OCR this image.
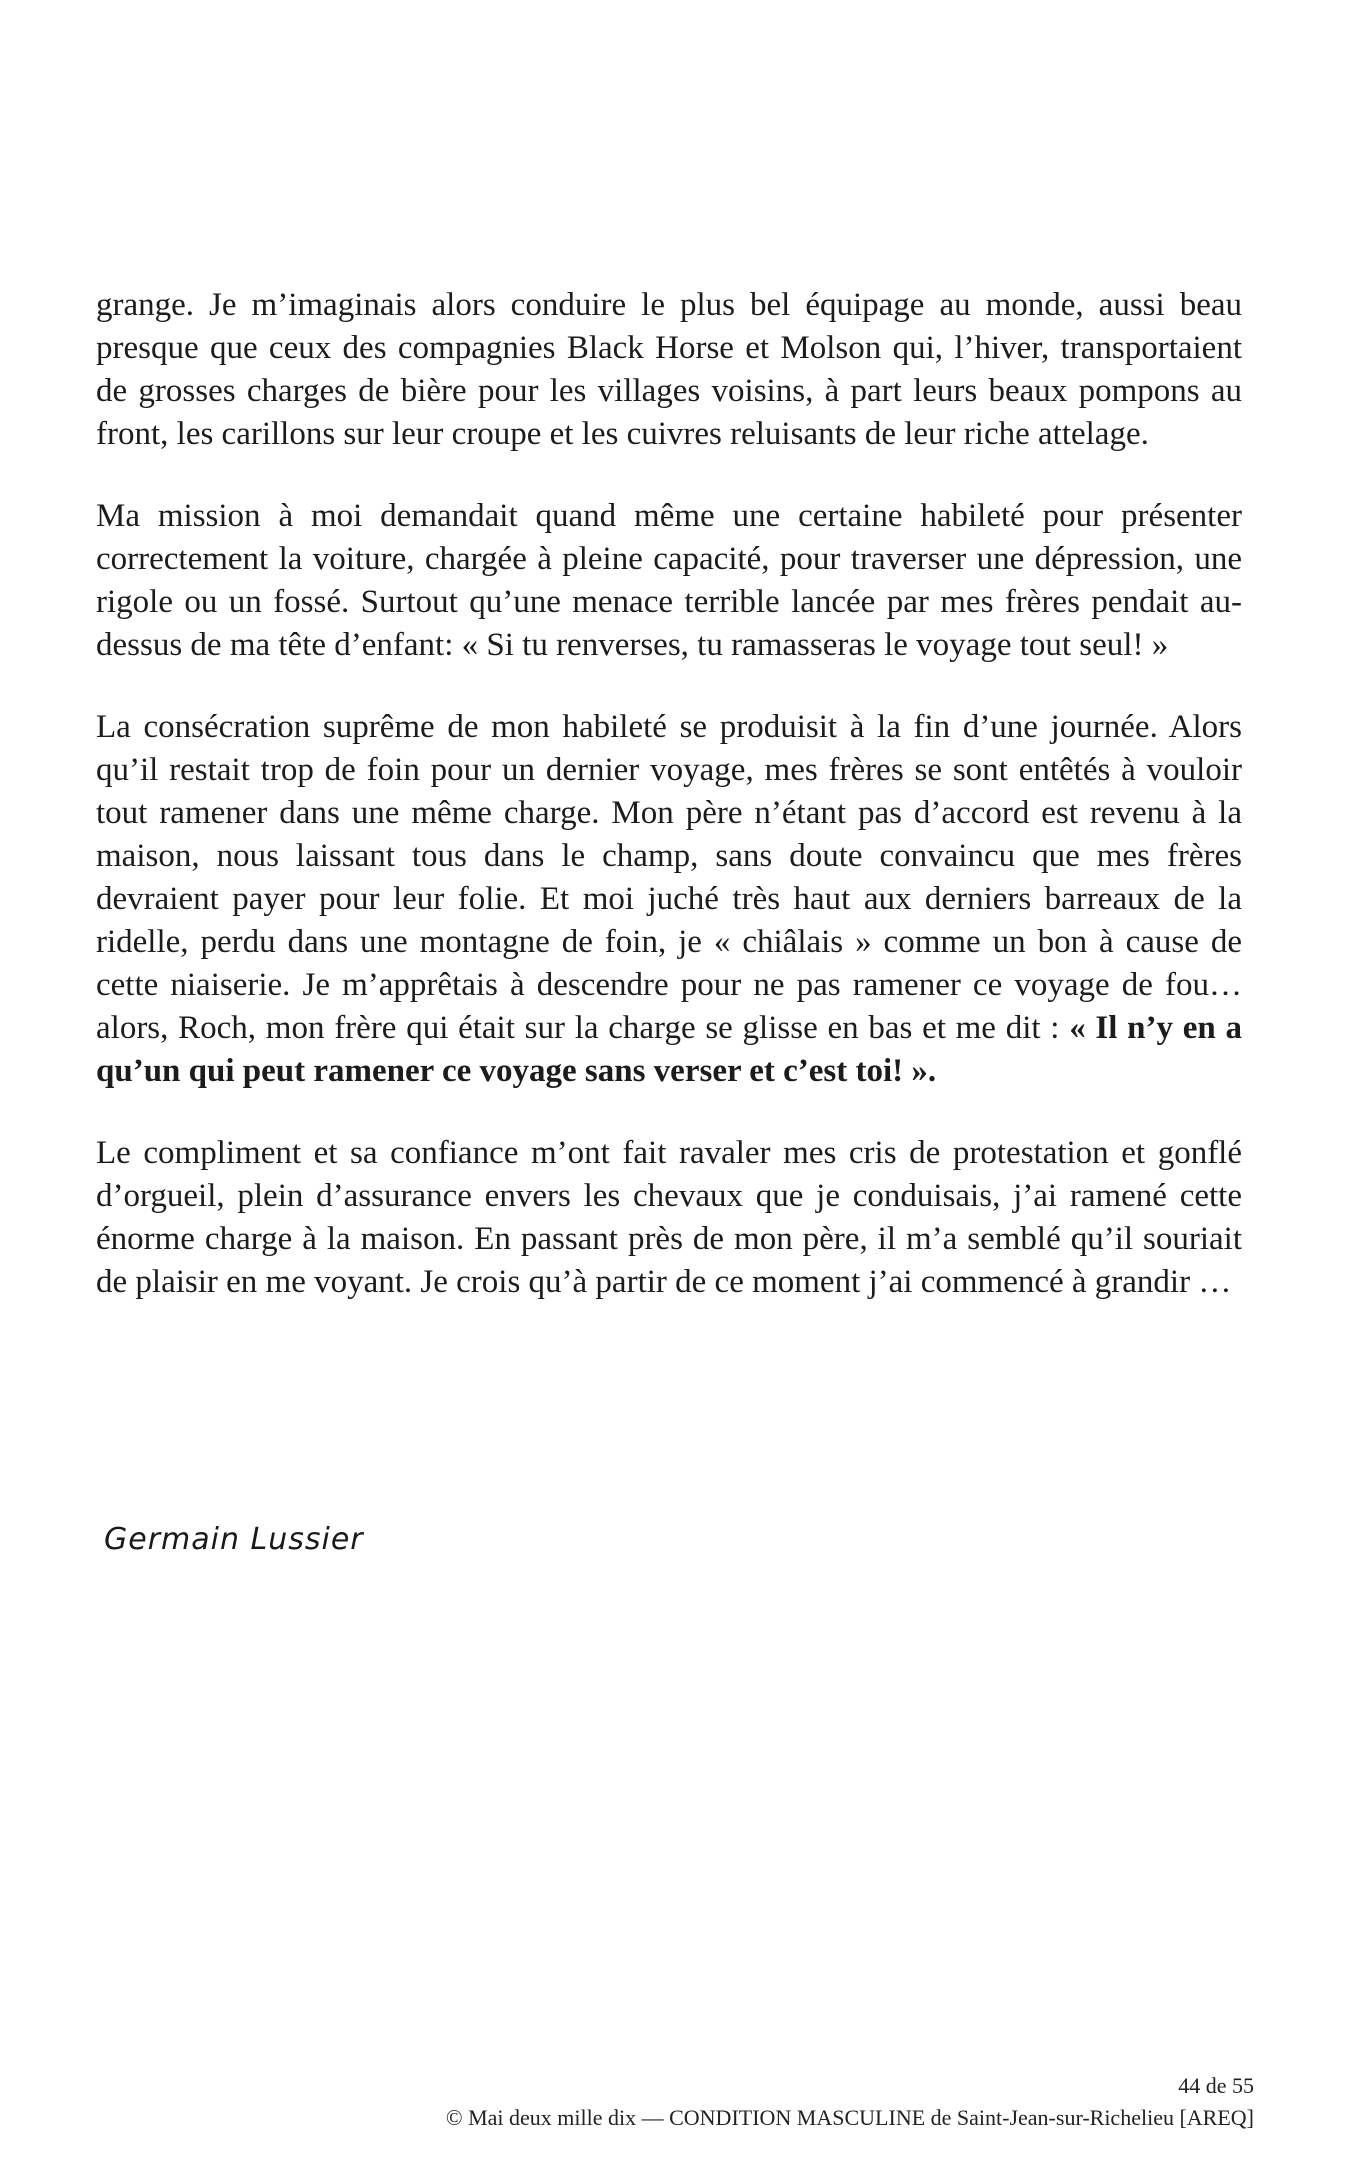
grange. Je m’imaginais alors conduire le plus bel équipage au monde, aussi beau presque que ceux des compagnies Black Horse et Molson qui, l’hiver, transportaient de grosses charges de bière pour les villages voisins, à part leurs beaux pompons au front, les carillons sur leur croupe et les cuivres reluisants de leur riche attelage.

Ma mission à moi demandait quand même une certaine habileté pour présenter correctement la voiture, chargée à pleine capacité, pour traverser une dépression, une rigole ou un fossé. Surtout qu’une menace terrible lancée par mes frères pendait au-dessus de ma tête d’enfant: « Si tu renverses, tu ramasseras le voyage tout seul! »

La consécration suprême de mon habileté se produisit à la fin d’une journée. Alors qu’il restait trop de foin pour un dernier voyage, mes frères se sont entêtés à vouloir tout ramener dans une même charge. Mon père n’étant pas d’accord est revenu à la maison, nous laissant tous dans le champ, sans doute convaincu que mes frères devraient payer pour leur folie. Et moi juché très haut aux derniers barreaux de la ridelle, perdu dans une montagne de foin, je « chiâlais » comme un bon à cause de cette niaiserie. Je m’apprêtais à descendre pour ne pas ramener ce voyage de fou… alors, Roch, mon frère qui était sur la charge se glisse en bas et me dit : « Il n’y en a qu’un qui peut ramener ce voyage sans verser et c’est toi! ».

Le compliment et sa confiance m’ont fait ravaler mes cris de protestation et gonflé d’orgueil, plein d’assurance envers les chevaux que je conduisais, j’ai ramené cette énorme charge à la maison. En passant près de mon père, il m’a semblé qu’il souriait de plaisir en me voyant. Je crois qu’à partir de ce moment j’ai commencé à grandir …

Germain Lussier
44 de 55
© Mai deux mille dix — CONDITION MASCULINE de Saint-Jean-sur-Richelieu [AREQ]
